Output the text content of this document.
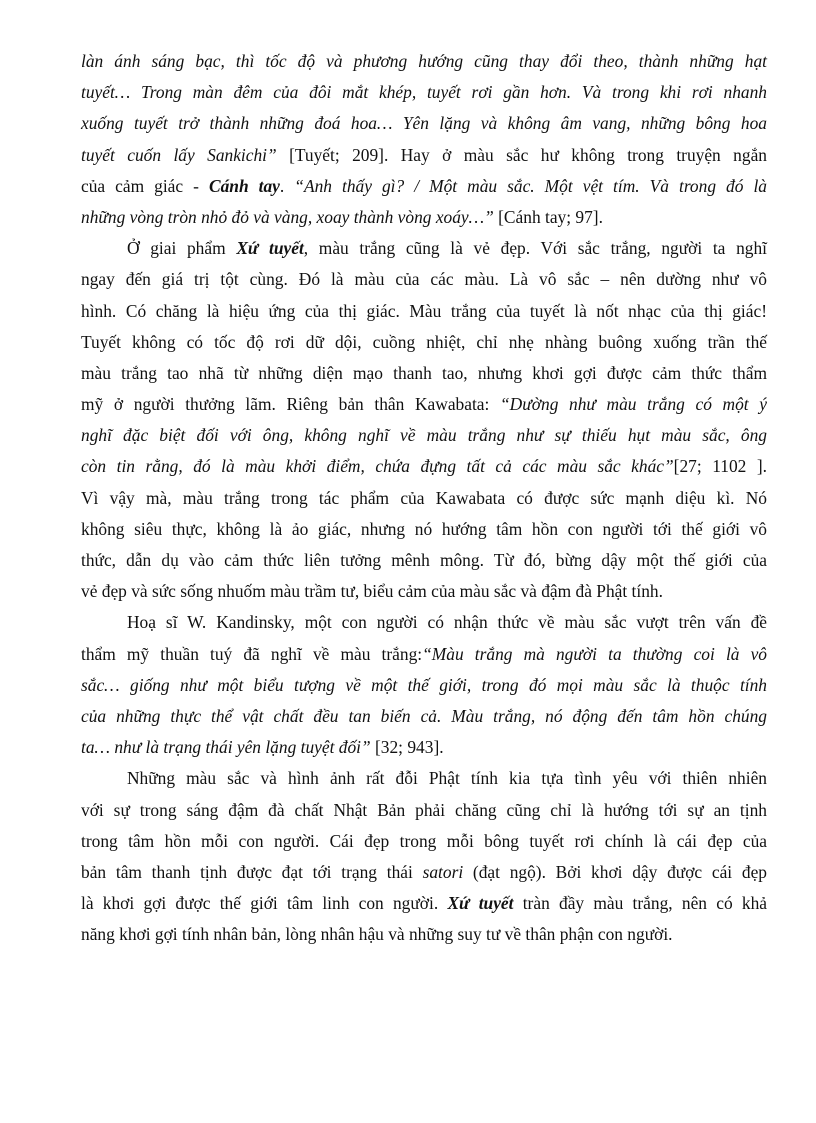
làn ánh sáng bạc, thì tốc độ và phương hướng cũng thay đổi theo, thành những hạt
tuyết… Trong màn đêm của đôi mắt khép, tuyết rơi gần hơn. Và trong khi rơi nhanh
xuống tuyết trở thành những đoá hoa… Yên lặng và không âm vang, những bông hoa
tuyết cuốn lấy Sankichi” [Tuyết; 209]. Hay ở màu sắc hư không trong truyện ngắn
của cảm giác - Cánh tay. “Anh thấy gì? / Một màu sắc. Một vệt tím. Và trong đó là
những vòng tròn nhỏ đỏ và vàng, xoay thành vòng xoáy…” [Cánh tay; 97].
Ở giai phẩm Xứ tuyết, màu trắng cũng là vẻ đẹp. Với sắc trắng, người ta nghĩ
ngay đến giá trị tột cùng. Đó là màu của các màu. Là vô sắc – nên dường như vô
hình. Có chăng là hiệu ứng của thị giác. Màu trắng của tuyết là nốt nhạc của thị giác!
Tuyết không có tốc độ rơi dữ dội, cuồng nhiệt, chỉ nhẹ nhàng buông xuống trần thế
màu trắng tao nhã từ những diện mạo thanh tao, nhưng khơi gợi được cảm thức thẩm
mỹ ở người thưởng lãm. Riêng bản thân Kawabata: “Dường như màu trắng có một ý
nghĩ đặc biệt đối với ông, không nghĩ về màu trắng như sự thiếu hụt màu sắc, ông
còn tin rằng, đó là màu khởi điểm, chứa đựng tất cả các màu sắc khác”[27; 1102 ].
Vì vậy mà, màu trắng trong tác phẩm của Kawabata có được sức mạnh diệu kì. Nó
không siêu thực, không là ảo giác, nhưng nó hướng tâm hồn con người tới thế giới vô
thức, dẫn dụ vào cảm thức liên tưởng mênh mông. Từ đó, bừng dậy một thế giới của
vẻ đẹp và sức sống nhuốm màu trầm tư, biểu cảm của màu sắc và đậm đà Phật tính.
Hoạ sĩ W. Kandinsky, một con người có nhận thức về màu sắc vượt trên vấn đề
thẩm mỹ thuần tuý đã nghĩ về màu trắng:“Màu trắng mà người ta thường coi là vô
sắc… giống như một biểu tượng về một thế giới, trong đó mọi màu sắc là thuộc tính
của những thực thể vật chất đều tan biến cả. Màu trắng, nó động đến tâm hồn chúng
ta… như là trạng thái yên lặng tuyệt đối” [32; 943].
Những màu sắc và hình ảnh rất đỗi Phật tính kia tựa tình yêu với thiên nhiên
với sự trong sáng đậm đà chất Nhật Bản phải chăng cũng chỉ là hướng tới sự an tịnh
trong tâm hồn mỗi con người. Cái đẹp trong mỗi bông tuyết rơi chính là cái đẹp của
bản tâm thanh tịnh được đạt tới trạng thái satori (đạt ngộ). Bởi khơi dậy được cái đẹp
là khơi gợi được thế giới tâm linh con người. Xứ tuyết tràn đầy màu trắng, nên có khả
năng khơi gợi tính nhân bản, lòng nhân hậu và những suy tư về thân phận con người.
